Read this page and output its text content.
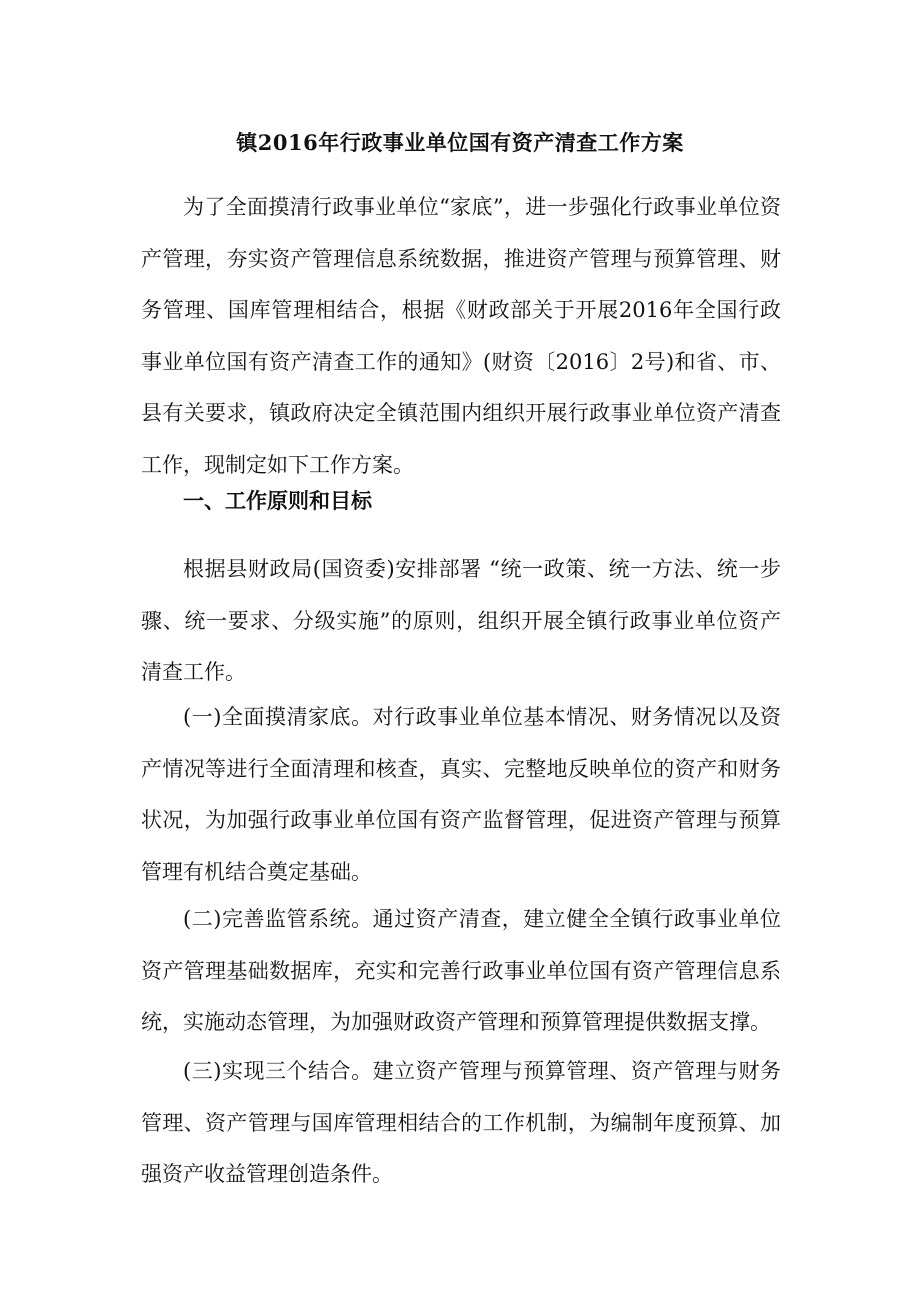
镇2016年行政事业单位国有资产清查工作方案

为了全面摸清行政事业单位“家底”，进一步强化行政事业单位资产管理，夯实资产管理信息系统数据，推进资产管理与预算管理、财务管理、国库管理相结合，根据《财政部关于开展2016年全国行政事业单位国有资产清查工作的通知》(财资〔2016〕2号)和省、市、县有关要求，镇政府决定全镇范围内组织开展行政事业单位资产清查工作，现制定如下工作方案。

一、工作原则和目标

根据县财政局(国资委)安排部署 “统一政策、统一方法、统一步骤、统一要求、分级实施”的原则，组织开展全镇行政事业单位资产清查工作。

(一)全面摸清家底。对行政事业单位基本情况、财务情况以及资产情况等进行全面清理和核查，真实、完整地反映单位的资产和财务状况，为加强行政事业单位国有资产监督管理，促进资产管理与预算管理有机结合奠定基础。

(二)完善监管系统。通过资产清查，建立健全全镇行政事业单位资产管理基础数据库，充实和完善行政事业单位国有资产管理信息系统，实施动态管理，为加强财政资产管理和预算管理提供数据支撑。

(三)实现三个结合。建立资产管理与预算管理、资产管理与财务管理、资产管理与国库管理相结合的工作机制，为编制年度预算、加强资产收益管理创造条件。
